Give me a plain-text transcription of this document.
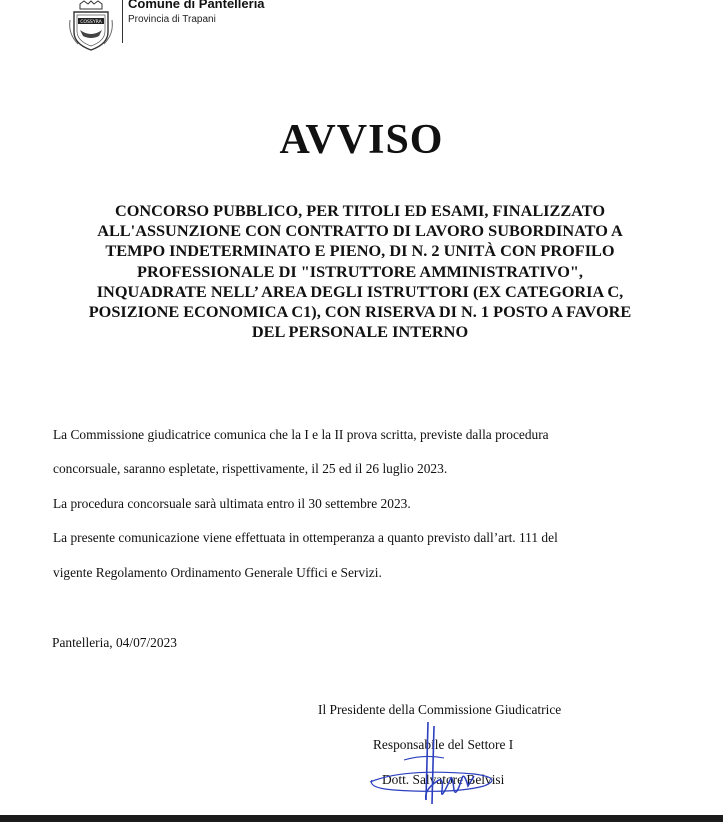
COSSYRA
Comune di Pantelleria
Provincia di Trapani
AVVISO
CONCORSO PUBBLICO, PER TITOLI ED ESAMI, FINALIZZATO
ALL'ASSUNZIONE CON CONTRATTO DI LAVORO SUBORDINATO A
TEMPO INDETERMINATO E PIENO, DI N. 2 UNITÀ CON PROFILO
PROFESSIONALE DI "ISTRUTTORE AMMINISTRATIVO",
INQUADRATE NELL’ AREA DEGLI ISTRUTTORI (EX CATEGORIA C,
POSIZIONE ECONOMICA C1), CON RISERVA DI N. 1 POSTO A FAVORE
DEL PERSONALE INTERNO
La Commissione giudicatrice comunica che la I e la II prova scritta, previste dalla procedura
concorsuale, saranno espletate, rispettivamente, il 25 ed il 26 luglio 2023.
La procedura concorsuale sarà ultimata entro il 30 settembre 2023.
La presente comunicazione viene effettuata in ottemperanza a quanto previsto dall’art. 111 del
vigente Regolamento Ordinamento Generale Uffici e Servizi.
Pantelleria, 04/07/2023
Il Presidente della Commissione Giudicatrice
Responsabile del Settore I
Dott. Salvatore Belvisi
